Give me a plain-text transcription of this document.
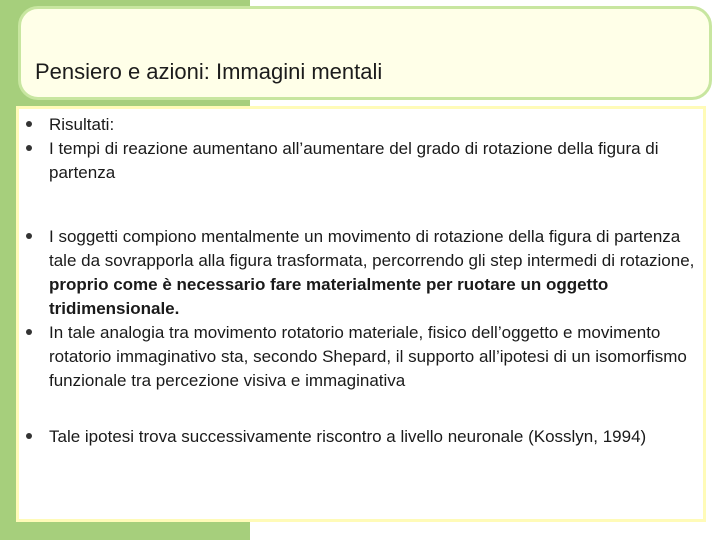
Pensiero e azioni: Immagini mentali
Risultati:
I tempi di reazione aumentano all’aumentare del grado di rotazione della figura di partenza
I soggetti compiono mentalmente un movimento di rotazione della figura di partenza tale da sovrapporla alla figura trasformata, percorrendo gli step intermedi di rotazione, proprio come è necessario fare materialmente per ruotare un oggetto tridimensionale.
In tale analogia tra movimento rotatorio materiale, fisico dell’oggetto e movimento rotatorio immaginativo sta, secondo Shepard, il supporto all’ipotesi di un isomorfismo funzionale tra percezione visiva e immaginativa
Tale ipotesi trova successivamente riscontro a livello neuronale (Kosslyn, 1994)
